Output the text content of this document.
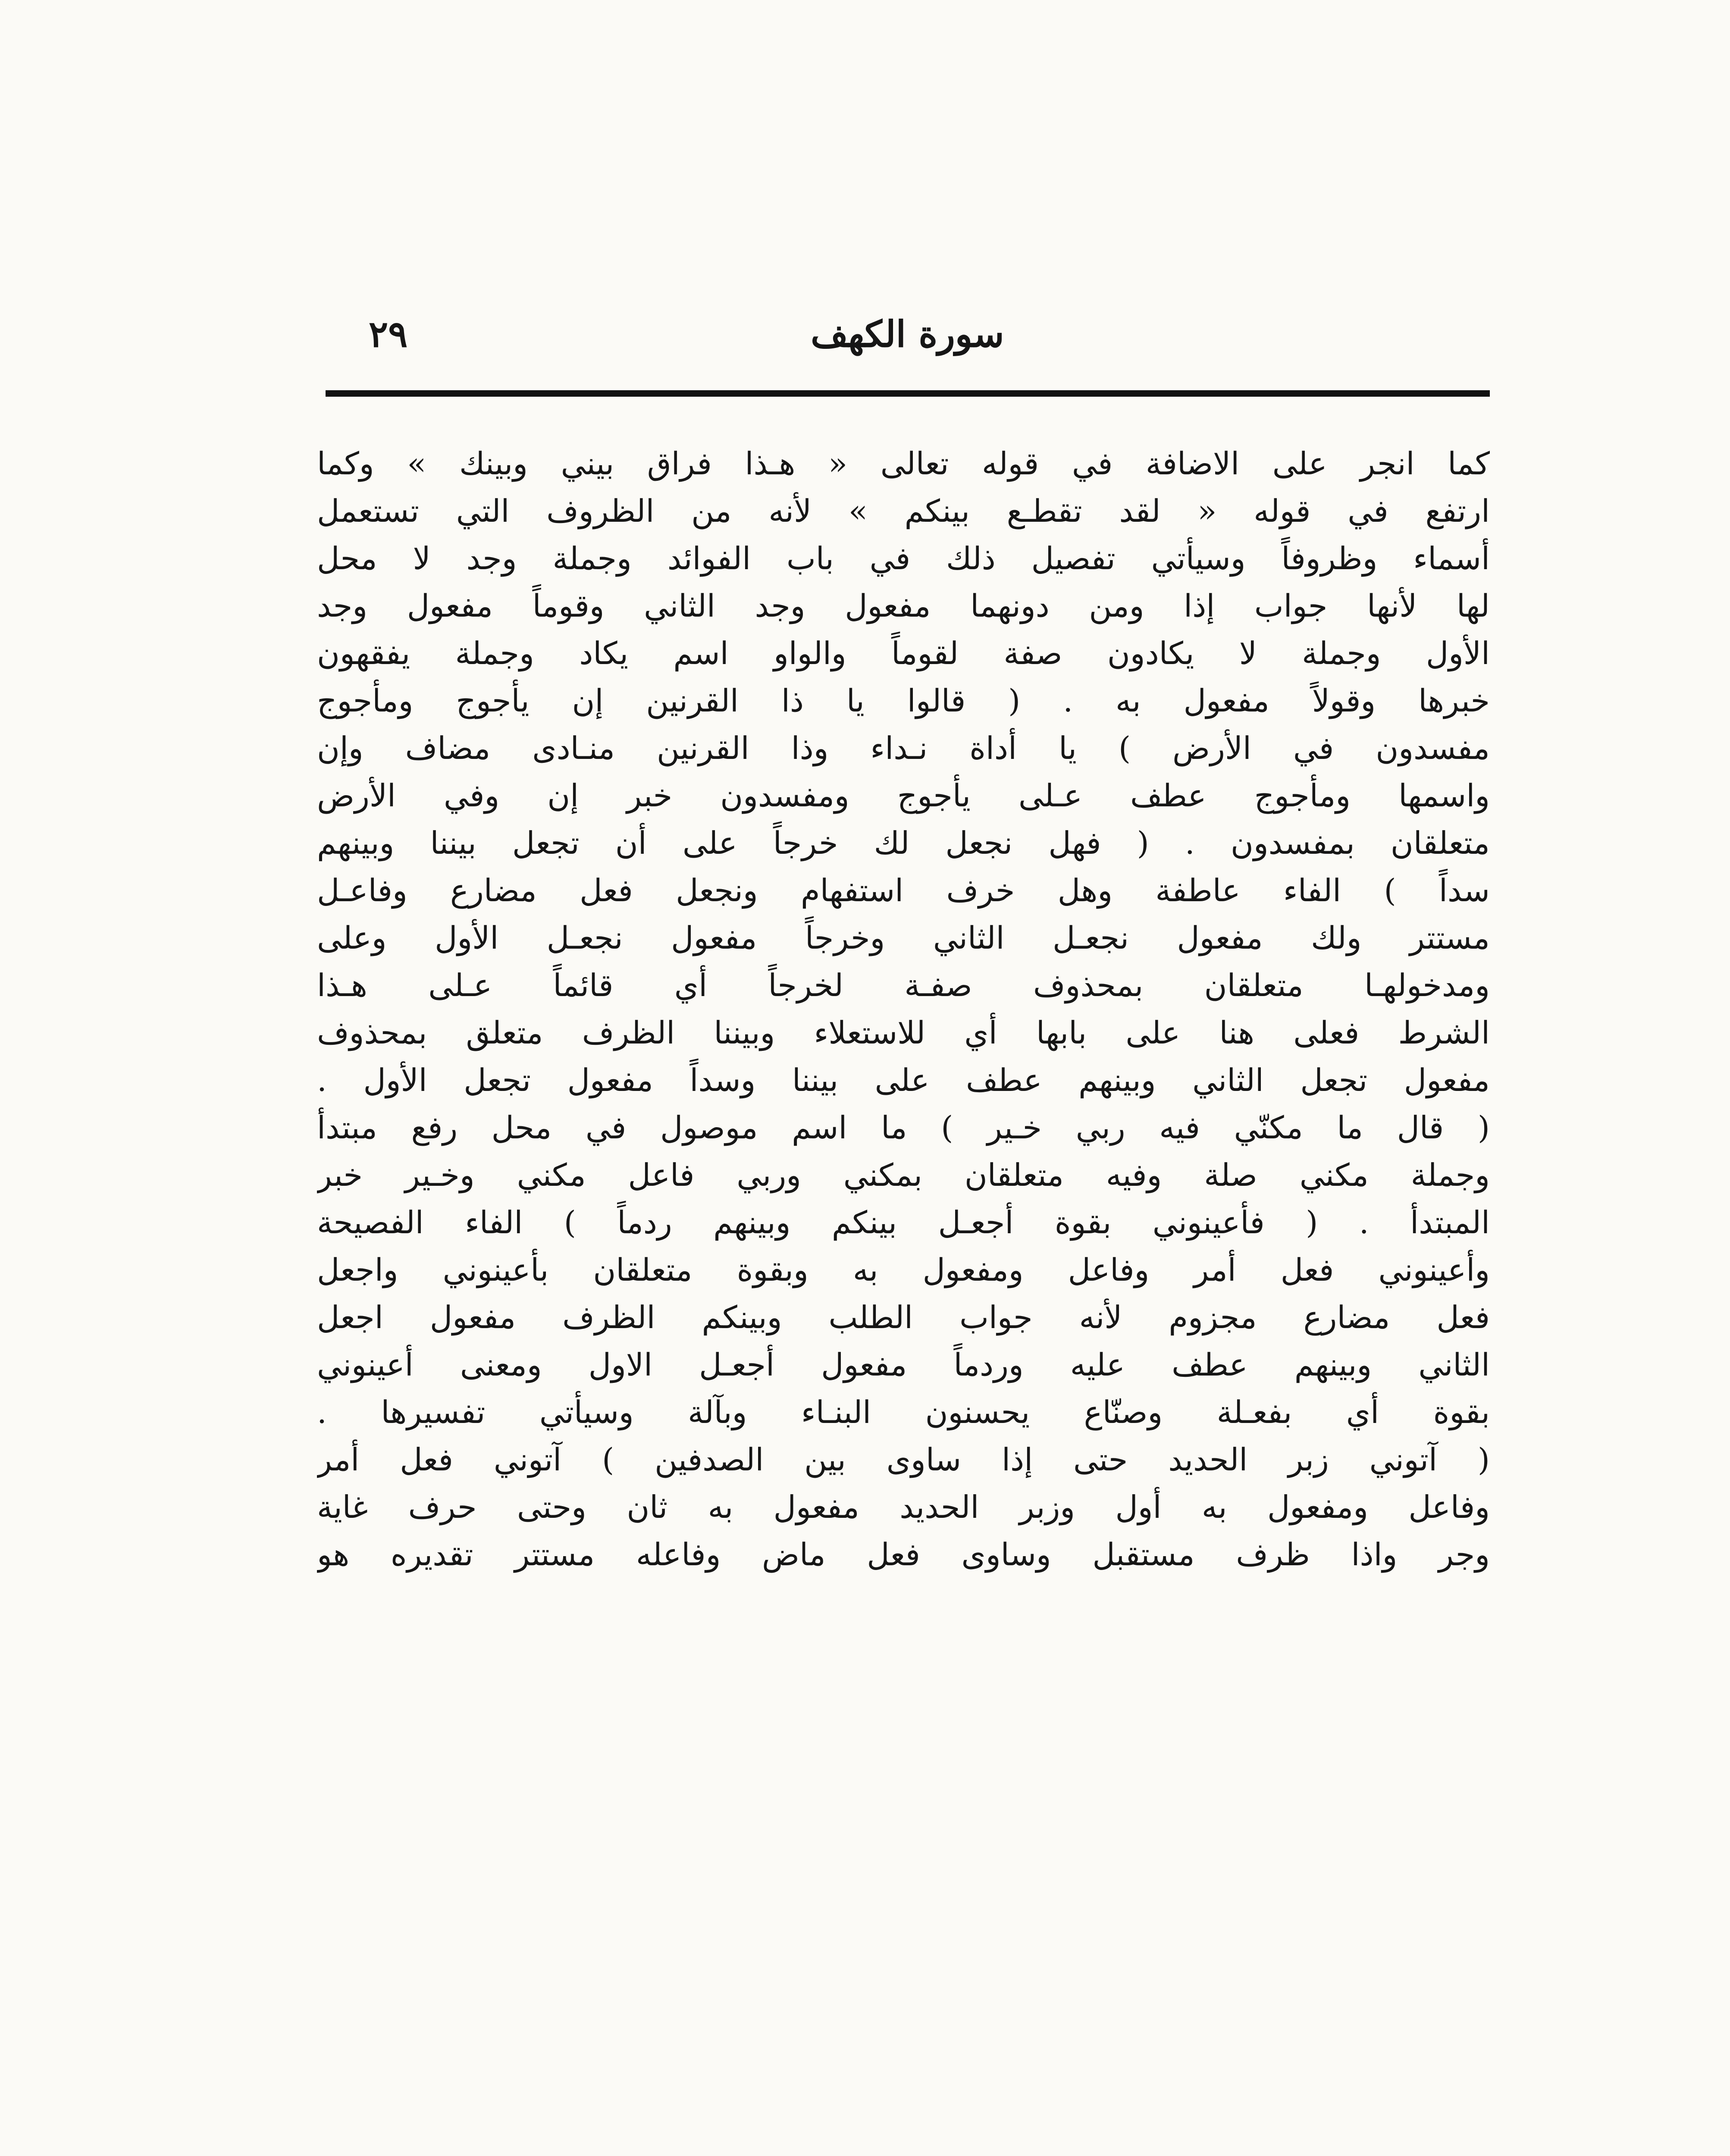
سورة الكهف
٢٩
كما انجر على الاضافة في قوله تعالى « هـذا فراق بيني وبينك » وكما
ارتفع في قوله « لقد تقطـع بينكم » لأنه من الظروف التي تستعمل
أسماء وظروفاً وسيأتي تفصيل ذلك في باب الفوائد وجملة وجد لا محل
لها لأنها جواب إذا ومن دونهما مفعول وجد الثاني وقوماً مفعول وجد
الأول وجملة لا يكادون صفة لقوماً والواو اسم يكاد وجملة يفقهون
خبرها وقولاً مفعول به . ( قالوا يا ذا القرنين إن يأجوج ومأجوج
مفسدون في الأرض ) يا أداة نـداء وذا القرنين منـادى مضاف وإن
واسمها ومأجوج عطف عـلى يأجوج ومفسدون خبر إن وفي الأرض
متعلقان بمفسدون . ( فهل نجعل لك خرجاً على أن تجعل بيننا وبينهم
سداً ) الفاء عاطفة وهل خرف استفهام ونجعل فعل مضارع وفاعـل
مستتر ولك مفعول نجعـل الثاني وخرجاً مفعول نجعـل الأول وعلى
ومدخولهـا متعلقان بمحذوف صفـة لخرجاً أي قائماً عـلى هـذا
الشرط فعلى هنا على بابها أي للاستعلاء وبيننا الظرف متعلق بمحذوف
مفعول تجعل الثاني وبينهم عطف على بيننا وسداً مفعول تجعل الأول .
( قال ما مكنّي فيه ربي خـير ) ما اسم موصول في محل رفع مبتدأ
وجملة مكني صلة وفيه متعلقان بمكني وربي فاعل مكني وخـير خبر
المبتدأ . ( فأعينوني بقوة أجعـل بينكم وبينهم ردماً ) الفاء الفصيحة
وأعينوني فعل أمر وفاعل ومفعول به وبقوة متعلقان بأعينوني واجعل
فعل مضارع مجزوم لأنه جواب الطلب وبينكم الظرف مفعول اجعل
الثاني وبينهم عطف عليه وردماً مفعول أجعـل الاول ومعنى أعينوني
بقوة أي بفعـلة وصنّاع يحسنون البنـاء وبآلة وسيأتي تفسيرها .
( آتوني زبر الحديد حتى إذا ساوى بين الصدفين ) آتوني فعل أمر
وفاعل ومفعول به أول وزبر الحديد مفعول به ثان وحتى حرف غاية
وجر واذا ظرف مستقبل وساوى فعل ماض وفاعله مستتر تقديره هو
